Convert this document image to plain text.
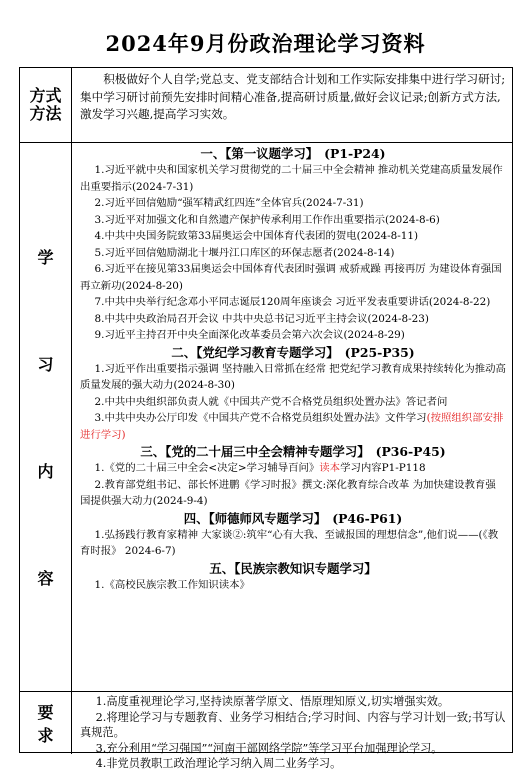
2024年9月份政治理论学习资料
方式
方法

积极做好个人自学;党总支、党支部结合计划和工作实际安排集中进行学习研讨;集中学习研讨前预先安排时间精心准备,提高研讨质量,做好会议记录;创新方式方法,激发学习兴趣,提高学习实效。

学
习
内
容
一、【第一议题学习】 (P1-P24)

1.习近平就中央和国家机关学习贯彻党的二十届三中全会精神 推动机关党建高质量发展作出重要指示(2024-7-31)

2.习近平回信勉励“强军精武红四连”全体官兵(2024-7-31)

3.习近平对加强文化和自然遗产保护传承利用工作作出重要指示(2024-8-6)

4.中共中央国务院致第33届奥运会中国体育代表团的贺电(2024-8-11)

5.习近平回信勉励湖北十堰丹江口库区的环保志愿者(2024-8-14)

6.习近平在接见第33届奥运会中国体育代表团时强调 戒骄戒躁 再接再厉 为建设体育强国再立新功(2024-8-20)

7.中共中央举行纪念邓小平同志诞辰120周年座谈会 习近平发表重要讲话(2024-8-22)

8.中共中央政治局召开会议 中共中央总书记习近平主持会议(2024-8-23)

9.习近平主持召开中央全面深化改革委员会第六次会议(2024-8-29)

二、【党纪学习教育专题学习】 (P25-P35)

1.习近平作出重要指示强调 坚持融入日常抓在经常 把党纪学习教育成果持续转化为推动高质量发展的强大动力(2024-8-30)

2.中共中央组织部负责人就《中国共产党不合格党员组织处置办法》答记者问

3.中共中央办公厅印发《中国共产党不合格党员组织处置办法》文件学习(按照组织部安排进行学习)

三、【党的二十届三中全会精神专题学习】 (P36-P45)

1.《党的二十届三中全会<决定>学习辅导百问》读本学习内容P1-P118

2.教育部党组书记、部长怀进鹏《学习时报》撰文:深化教育综合改革 为加快建设教育强国提供强大动力(2024-9-4)

四、【师德师风专题学习】 (P46-P61)

1.弘扬践行教育家精神 大家谈②:筑牢“心有大我、至诚报国的理想信念”,他们说——(《教育时报》 2024-6-7)

五、【民族宗教知识专题学习】

1.《高校民族宗教工作知识读本》

要
求

1.高度重视理论学习,坚持读原著学原文、悟原理知原义,切实增强实效。

2.将理论学习与专题教育、业务学习相结合;学习时间、内容与学习计划一致;书写认真规范。

3.充分利用“学习强国”“河南干部网络学院”等学习平台加强理论学习。

4.非党员教职工政治理论学习纳入周二业务学习。
